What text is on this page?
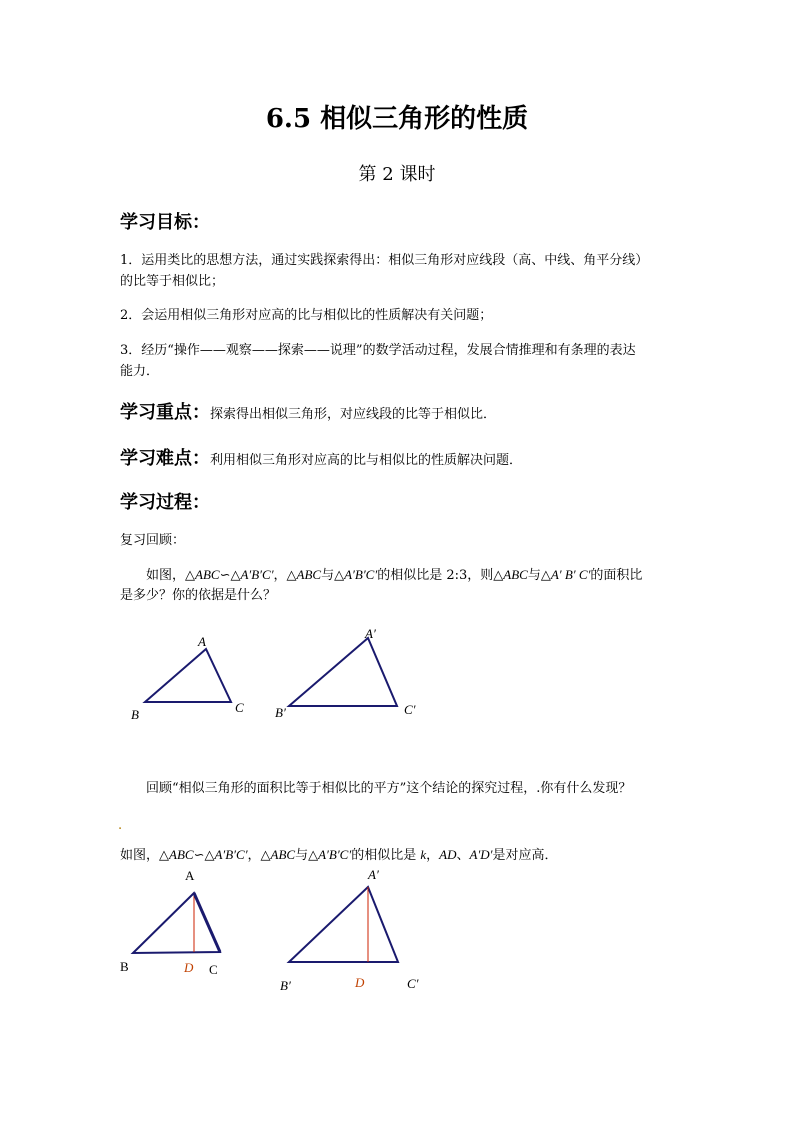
6.5 相似三角形的性质
第 2 课时
学习目标：
1．运用类比的思想方法，通过实践探索得出：相似三角形对应线段（高、中线、角平分线）
的比等于相似比；
2．会运用相似三角形对应高的比与相似比的性质解决有关问题；
3．经历“操作——观察——探索——说理”的数学活动过程，发展合情推理和有条理的表达
能力．
学习重点：探索得出相似三角形，对应线段的比等于相似比．
学习难点：利用相似三角形对应高的比与相似比的性质解决问题．
学习过程：
复习回顾：
如图，△ABC∽△A′B′C′，△ABC与△A′B′C′的相似比是 2:3，则△ABC与△A′ B′ C′的面积比
是多少？你的依据是什么？
A
B	C
A′
B′	C′
回顾“相似三角形的面积比等于相似比的平方”这个结论的探究过程，.你有什么发现？
.
如图，△ABC∽△A′B′C′，△ABC与△A′B′C′的相似比是 k，AD、A′D′是对应高．
A
B	C
D
A′
B′	C′
D
